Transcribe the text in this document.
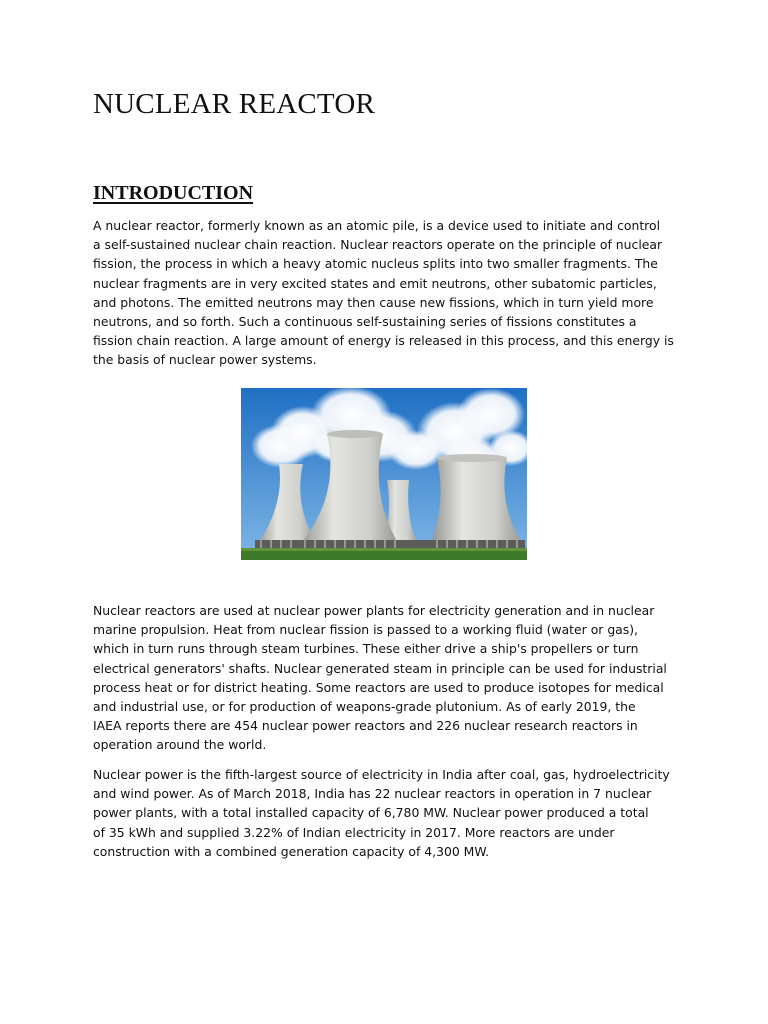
NUCLEAR REACTOR
INTRODUCTION

A nuclear reactor, formerly known as an atomic pile, is a device used to initiate and control
a self-sustained nuclear chain reaction. Nuclear reactors operate on the principle of nuclear
fission, the process in which a heavy atomic nucleus splits into two smaller fragments. The
nuclear fragments are in very excited states and emit neutrons, other subatomic particles,
and photons. The emitted neutrons may then cause new fissions, which in turn yield more
neutrons, and so forth. Such a continuous self-sustaining series of fissions constitutes a
fission chain reaction. A large amount of energy is released in this process, and this energy is
the basis of nuclear power systems.

Nuclear reactors are used at nuclear power plants for electricity generation and in nuclear
marine propulsion. Heat from nuclear fission is passed to a working fluid (water or gas),
which in turn runs through steam turbines. These either drive a ship's propellers or turn
electrical generators' shafts. Nuclear generated steam in principle can be used for industrial
process heat or for district heating. Some reactors are used to produce isotopes for medical
and industrial use, or for production of weapons-grade plutonium. As of early 2019, the
IAEA reports there are 454 nuclear power reactors and 226 nuclear research reactors in
operation around the world.

Nuclear power is the fifth-largest source of electricity in India after coal, gas, hydroelectricity
and wind power. As of March 2018, India has 22 nuclear reactors in operation in 7 nuclear
power plants, with a total installed capacity of 6,780 MW. Nuclear power produced a total
of 35 kWh and supplied 3.22% of Indian electricity in 2017. More reactors are under
construction with a combined generation capacity of 4,300 MW.
